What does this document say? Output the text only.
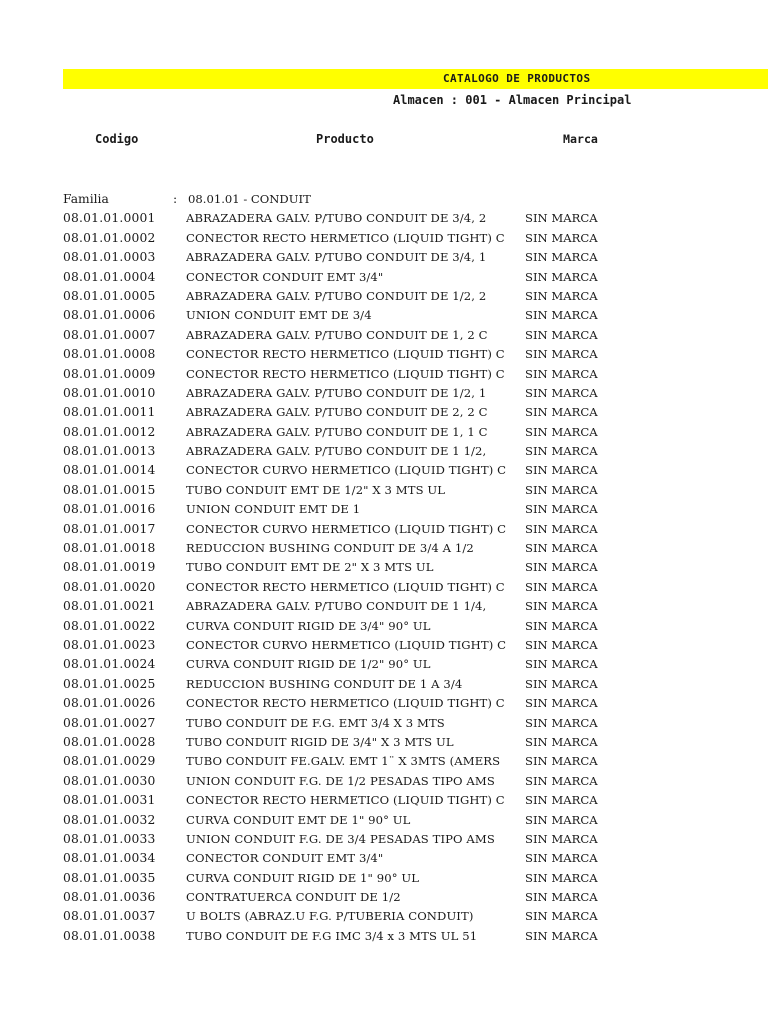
CATALOGO DE PRODUCTOS
Almacen : 001 - Almacen Principal
Codigo	Producto	Marca
Familia	: 08.01.01 - CONDUIT
08.01.01.0001	ABRAZADERA GALV. P/TUBO CONDUIT DE 3/4, 2	SIN MARCA
08.01.01.0002	CONECTOR RECTO HERMETICO (LIQUID TIGHT) C	SIN MARCA
08.01.01.0003	ABRAZADERA GALV. P/TUBO CONDUIT DE 3/4, 1	SIN MARCA
08.01.01.0004	CONECTOR CONDUIT EMT 3/4"	SIN MARCA
08.01.01.0005	ABRAZADERA GALV. P/TUBO CONDUIT DE 1/2, 2	SIN MARCA
08.01.01.0006	UNION CONDUIT EMT DE 3/4	SIN MARCA
08.01.01.0007	ABRAZADERA GALV. P/TUBO CONDUIT DE 1, 2 C	SIN MARCA
08.01.01.0008	CONECTOR RECTO HERMETICO (LIQUID TIGHT) C	SIN MARCA
08.01.01.0009	CONECTOR RECTO HERMETICO (LIQUID TIGHT) C	SIN MARCA
08.01.01.0010	ABRAZADERA GALV. P/TUBO CONDUIT DE 1/2, 1	SIN MARCA
08.01.01.0011	ABRAZADERA GALV. P/TUBO CONDUIT DE 2, 2 C	SIN MARCA
08.01.01.0012	ABRAZADERA GALV. P/TUBO CONDUIT DE 1, 1 C	SIN MARCA
08.01.01.0013	ABRAZADERA GALV. P/TUBO CONDUIT DE 1 1/2,	SIN MARCA
08.01.01.0014	CONECTOR CURVO HERMETICO (LIQUID TIGHT) C	SIN MARCA
08.01.01.0015	TUBO CONDUIT EMT DE 1/2" X 3 MTS UL	SIN MARCA
08.01.01.0016	UNION CONDUIT EMT DE 1	SIN MARCA
08.01.01.0017	CONECTOR CURVO HERMETICO (LIQUID TIGHT) C	SIN MARCA
08.01.01.0018	REDUCCION BUSHING CONDUIT DE 3/4 A 1/2	SIN MARCA
08.01.01.0019	TUBO CONDUIT EMT DE 2" X 3 MTS UL	SIN MARCA
08.01.01.0020	CONECTOR RECTO HERMETICO (LIQUID TIGHT) C	SIN MARCA
08.01.01.0021	ABRAZADERA GALV. P/TUBO CONDUIT DE 1 1/4,	SIN MARCA
08.01.01.0022	CURVA CONDUIT RIGID DE 3/4" 90° UL	SIN MARCA
08.01.01.0023	CONECTOR CURVO HERMETICO (LIQUID TIGHT) C	SIN MARCA
08.01.01.0024	CURVA CONDUIT RIGID DE 1/2" 90° UL	SIN MARCA
08.01.01.0025	REDUCCION BUSHING CONDUIT DE 1 A 3/4	SIN MARCA
08.01.01.0026	CONECTOR RECTO HERMETICO (LIQUID TIGHT) C	SIN MARCA
08.01.01.0027	TUBO CONDUIT DE F.G. EMT 3/4 X 3 MTS	SIN MARCA
08.01.01.0028	TUBO CONDUIT RIGID DE 3/4" X 3 MTS UL	SIN MARCA
08.01.01.0029	TUBO CONDUIT FE.GALV. EMT 1¨ X 3MTS (AMERS	SIN MARCA
08.01.01.0030	UNION CONDUIT F.G. DE 1/2 PESADAS TIPO AMS	SIN MARCA
08.01.01.0031	CONECTOR RECTO HERMETICO (LIQUID TIGHT) C	SIN MARCA
08.01.01.0032	CURVA CONDUIT EMT DE 1" 90° UL	SIN MARCA
08.01.01.0033	UNION CONDUIT F.G. DE 3/4 PESADAS TIPO AMS	SIN MARCA
08.01.01.0034	CONECTOR CONDUIT EMT 3/4"	SIN MARCA
08.01.01.0035	CURVA CONDUIT RIGID DE 1" 90° UL	SIN MARCA
08.01.01.0036	CONTRATUERCA CONDUIT DE 1/2	SIN MARCA
08.01.01.0037	U BOLTS (ABRAZ.U F.G. P/TUBERIA CONDUIT)	SIN MARCA
08.01.01.0038	TUBO CONDUIT DE F.G IMC 3/4 x 3 MTS UL 51	SIN MARCA
